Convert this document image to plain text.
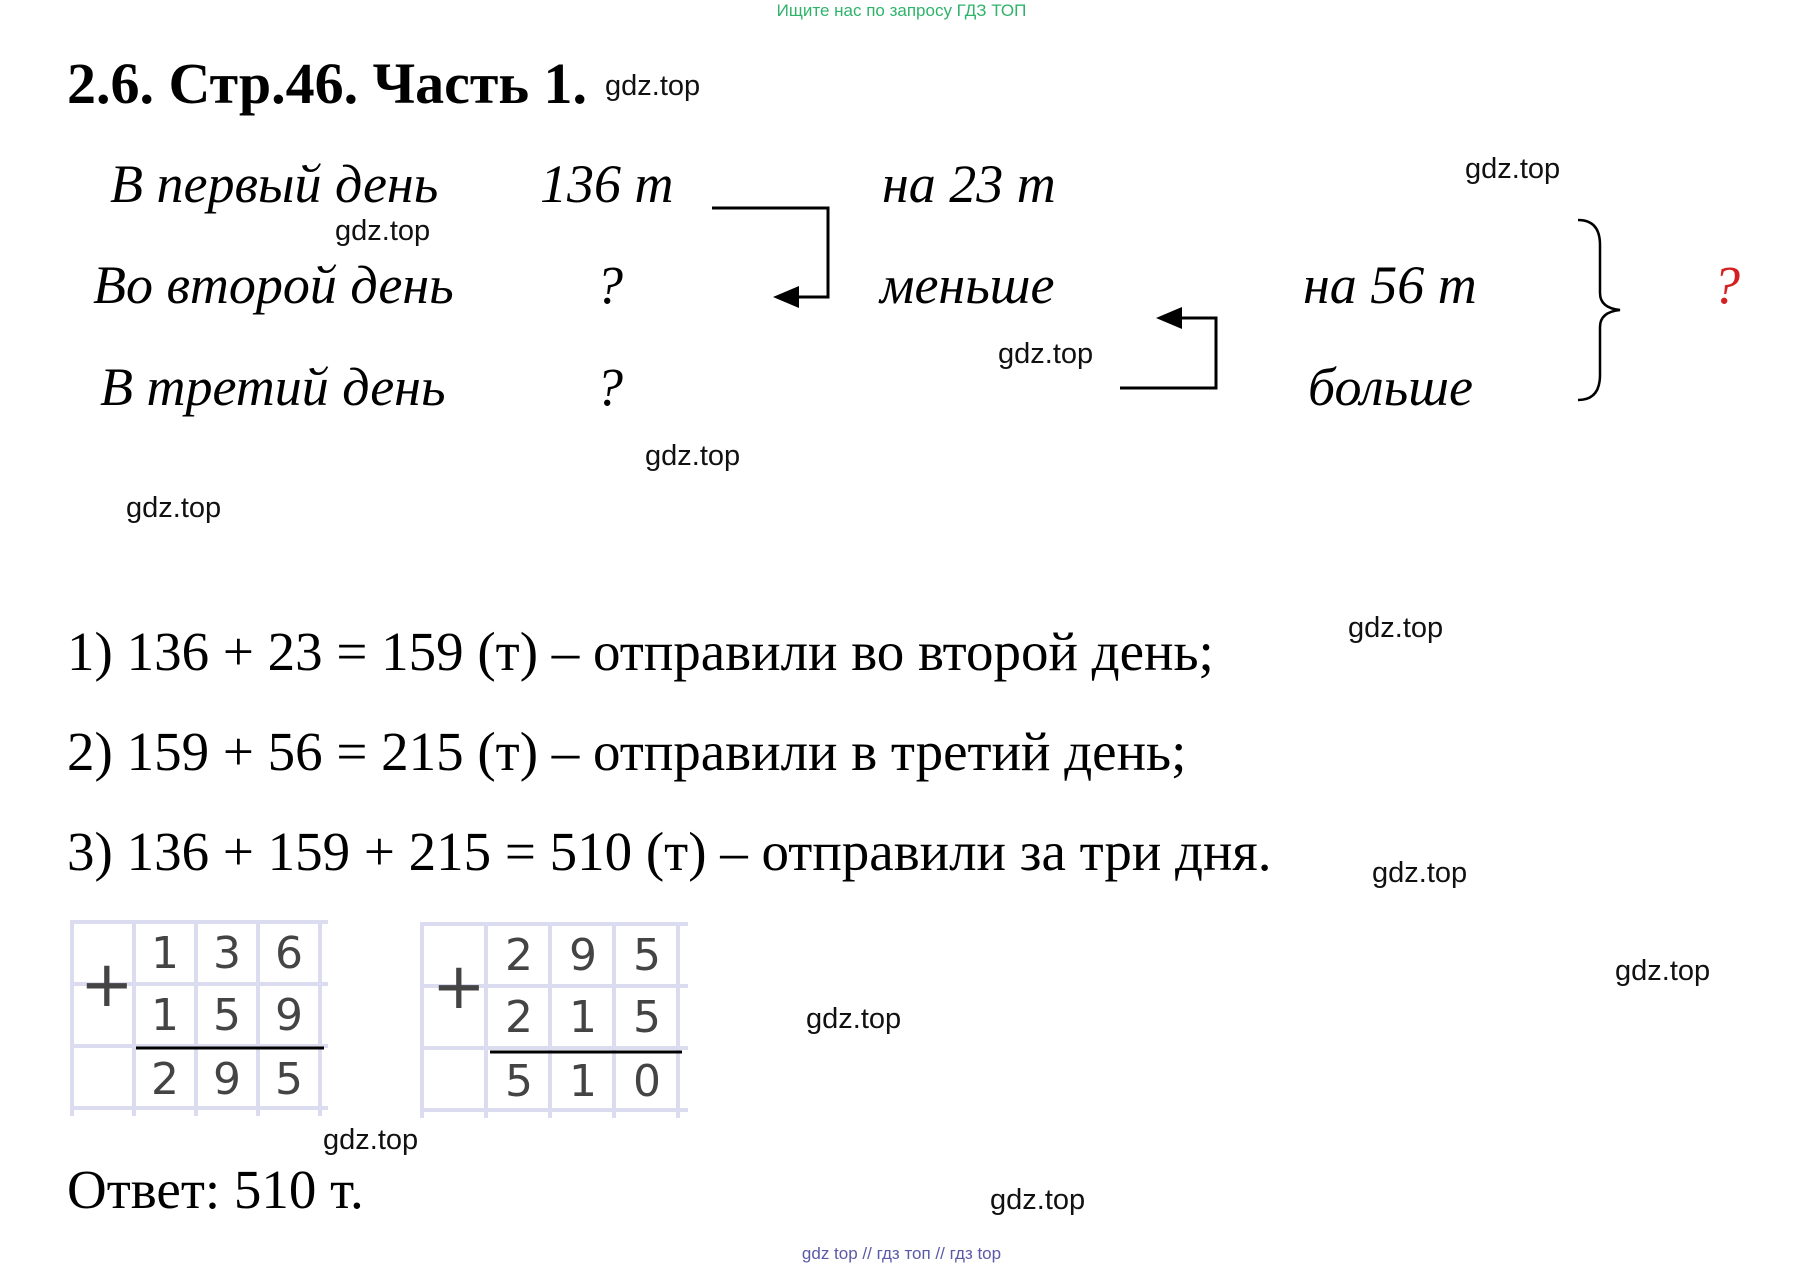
Ищите нас по запросу ГДЗ ТОП
2.6. Стр.46. Часть 1. gdz.top
gdz.top
gdz.top
gdz.top
gdz.top
gdz.top
gdz.top
gdz.top
gdz.top
gdz.top
gdz.top
gdz.top
В первый день 136 т
Во второй день	?
В третий день	?
на 23 т
меньше	на 56 т
больше
?
1) 136 + 23 = 159 (т) – отправили во второй день;
2) 159 + 56 = 215 (т) – отправили в третий день;
3) 136 + 159 + 215 = 510 (т) – отправили за три дня.
+ 1 3 6
1 5 9
2 9 5
+ 2 9 5
2 1 5
5 1 0
Ответ: 510 т.
gdz top // гдз топ // гдз top
